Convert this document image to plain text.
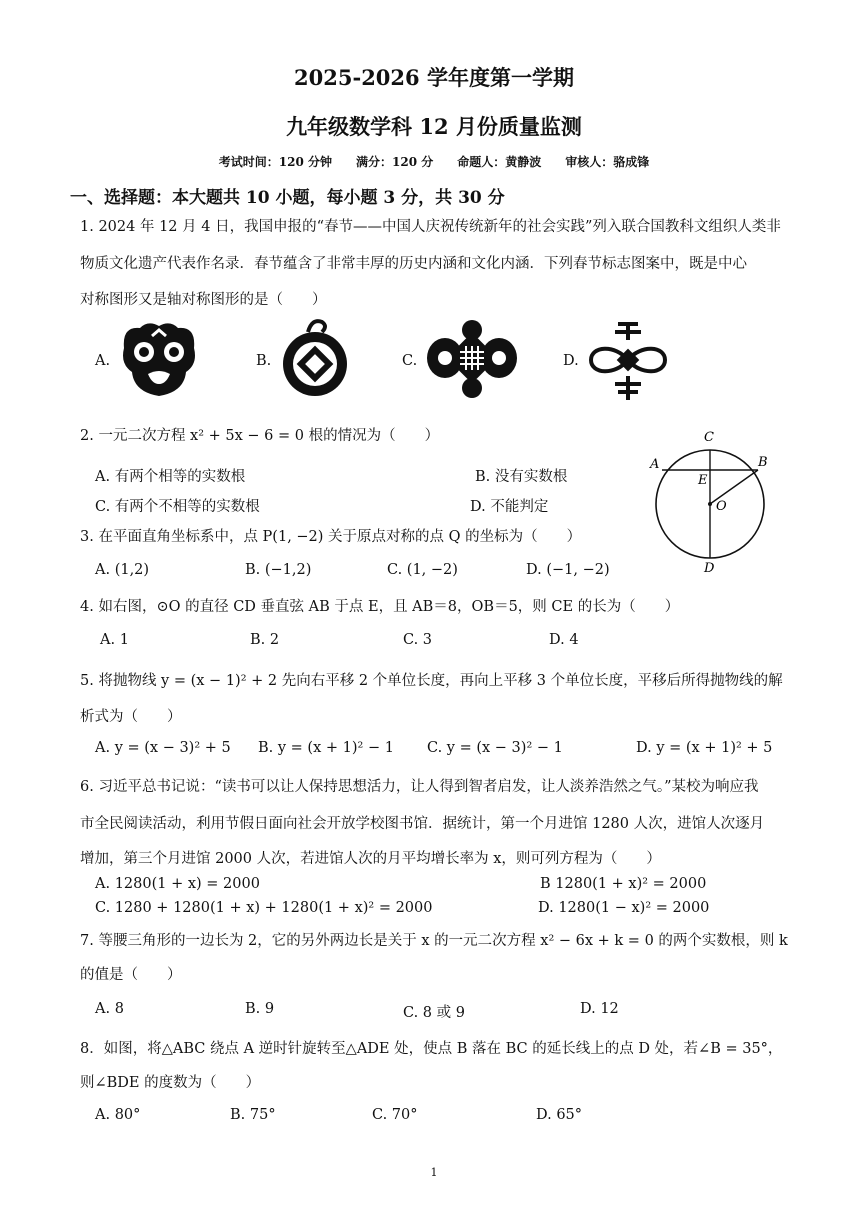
2025-2026 学年度第一学期
九年级数学科 12 月份质量监测
考试时间：120 分钟　　满分：120 分　　命题人：黄静波　　审核人：骆成锋
一、选择题：本大题共 10 小题，每小题 3 分，共 30 分
1. 2024 年 12 月 4 日，我国申报的“春节——中国人庆祝传统新年的社会实践”列入联合国教科文组织人类非
物质文化遗产代表作名录．春节蕴含了非常丰厚的历史内涵和文化内涵．下列春节标志图案中，既是中心
对称图形又是轴对称图形的是（　　）
A.	B.	C.	D.
2. 一元二次方程 x² + 5x − 6 = 0 根的情况为（　　）
A. 有两个相等的实数根	B. 没有实数根
C. 有两个不相等的实数根	D. 不能判定
C
A	B
E
O
D
3. 在平面直角坐标系中，点 P(1, −2) 关于原点对称的点 Q 的坐标为（　　）
A. (1,2)	B. (−1,2)	C. (1, −2)	D. (−1, −2)
4. 如右图，⊙O 的直径 CD 垂直弦 AB 于点 E，且 AB＝8，OB＝5，则 CE 的长为（　　）
A. 1	B. 2	C. 3	D. 4
5. 将抛物线 y = (x − 1)² + 2 先向右平移 2 个单位长度，再向上平移 3 个单位长度，平移后所得抛物线的解
析式为（　　）
A. y = (x − 3)² + 5 B. y = (x + 1)² − 1 C. y = (x − 3)² − 1	D. y = (x + 1)² + 5
6. 习近平总书记说：“读书可以让人保持思想活力，让人得到智者启发，让人淡养浩然之气。”某校为响应我
市全民阅读活动，利用节假日面向社会开放学校图书馆．据统计，第一个月进馆 1280 人次，进馆人次逐月
增加，第三个月进馆 2000 人次，若进馆人次的月平均增长率为 x，则可列方程为（　　）
A. 1280(1 + x) = 2000	B 1280(1 + x)² = 2000
C. 1280 + 1280(1 + x) + 1280(1 + x)² = 2000	D. 1280(1 − x)² = 2000
7. 等腰三角形的一边长为 2，它的另外两边长是关于 x 的一元二次方程 x² − 6x + k = 0 的两个实数根，则 k
的值是（　　）
A. 8	B. 9	C. 8 或 9	D. 12
8．如图，将△ABC 绕点 A 逆时针旋转至△ADE 处，使点 B 落在 BC 的延长线上的点 D 处，若∠B = 35°，
则∠BDE 的度数为（　　）
A. 80°	B. 75°	C. 70°	D. 65°
1
